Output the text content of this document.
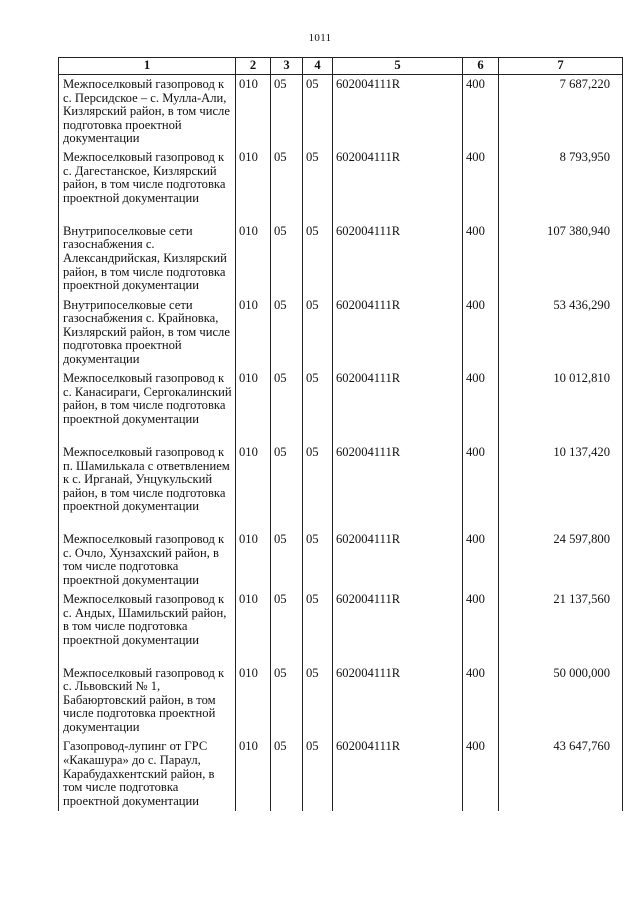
1011
1	2	3	4	5	6	7
Межпоселковый газопровод к с. Персидское – с. Мулла-Али, Кизлярский район, в том числе подготовка проектной документации	010	05	05	602004111R	400	7 687,220
Межпоселковый газопровод к с. Дагестанское, Кизлярский район, в том числе подготовка проектной документации	010	05	05	602004111R	400	8 793,950
Внутрипоселковые сети газоснабжения с. Александрийская, Кизлярский район, в том числе подготовка проектной документации	010	05	05	602004111R	400	107 380,940
Внутрипоселковые сети газоснабжения с. Крайновка, Кизлярский район, в том числе подготовка проектной документации	010	05	05	602004111R	400	53 436,290
Межпоселковый газопровод к с. Канасираги, Сергокалинский район, в том числе подготовка проектной документации	010	05	05	602004111R	400	10 012,810
Межпоселковый газопровод к п. Шамилькала с ответвлением к с. Ирганай, Унцукульский район, в том числе подготовка проектной документации	010	05	05	602004111R	400	10 137,420
Межпоселковый газопровод к с. Очло, Хунзахский район, в том числе подготовка проектной документации	010	05	05	602004111R	400	24 597,800
Межпоселковый газопровод к с. Андых, Шамильский район, в том числе подготовка проектной документации	010	05	05	602004111R	400	21 137,560
Межпоселковый газопровод к с. Львовский № 1, Бабаюртовский район, в том числе подготовка проектной документации	010	05	05	602004111R	400	50 000,000
Газопровод-лупинг от ГРС «Какашура» до с. Параул, Карабудахкентский район, в том числе подготовка проектной документации	010	05	05	602004111R	400	43 647,760
